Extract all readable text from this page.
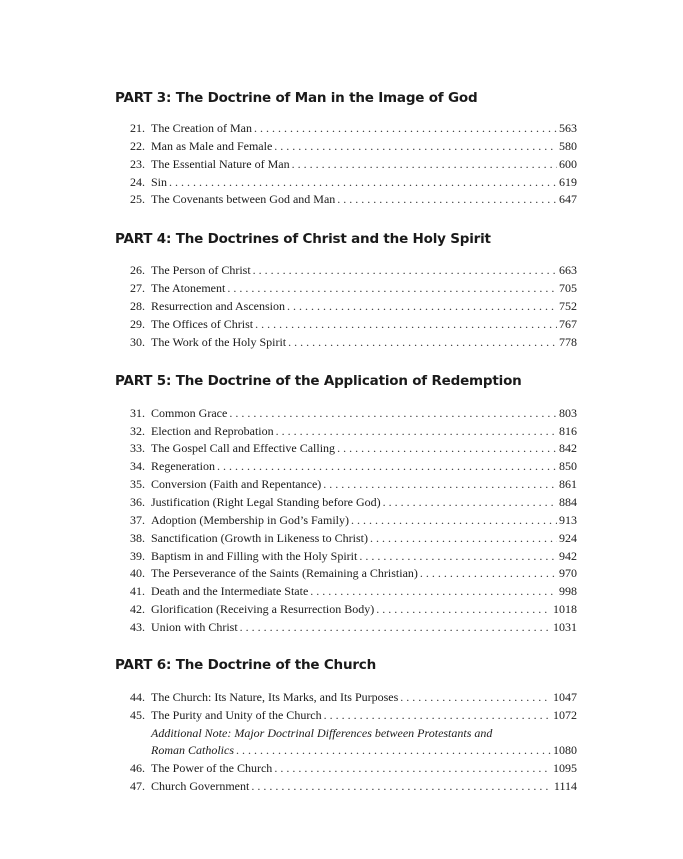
PART 3: The Doctrine of Man in the Image of God
21. The Creation of Man . . .	563
22. Man as Male and Female . . .	580
23. The Essential Nature of Man . . .	600
24. Sin . . .	619
25. The Covenants between God and Man . . .	647
PART 4: The Doctrines of Christ and the Holy Spirit
26. The Person of Christ . . .	663
27. The Atonement . . .	705
28. Resurrection and Ascension . . .	752
29. The Offices of Christ . . .	767
30. The Work of the Holy Spirit . . .	778
PART 5: The Doctrine of the Application of Redemption
31. Common Grace . . .	803
32. Election and Reprobation . . .	816
33. The Gospel Call and Effective Calling . . .	842
34. Regeneration . . .	850
35. Conversion (Faith and Repentance) . . .	861
36. Justification (Right Legal Standing before God) . . .	884
37. Adoption (Membership in God’s Family) . . .	913
38. Sanctification (Growth in Likeness to Christ) . . .	924
39. Baptism in and Filling with the Holy Spirit . . .	942
40. The Perseverance of the Saints (Remaining a Christian) . . .	970
41. Death and the Intermediate State . . .	998
42. Glorification (Receiving a Resurrection Body) . . .	1018
43. Union with Christ . . .	1031
PART 6: The Doctrine of the Church
44. The Church: Its Nature, Its Marks, and Its Purposes . . .	1047
45. The Purity and Unity of the Church . . .	1072
Additional Note: Major Doctrinal Differences between Protestants and
Roman Catholics . . .	1080
46. The Power of the Church . . .	1095
47. Church Government . . .	1114
